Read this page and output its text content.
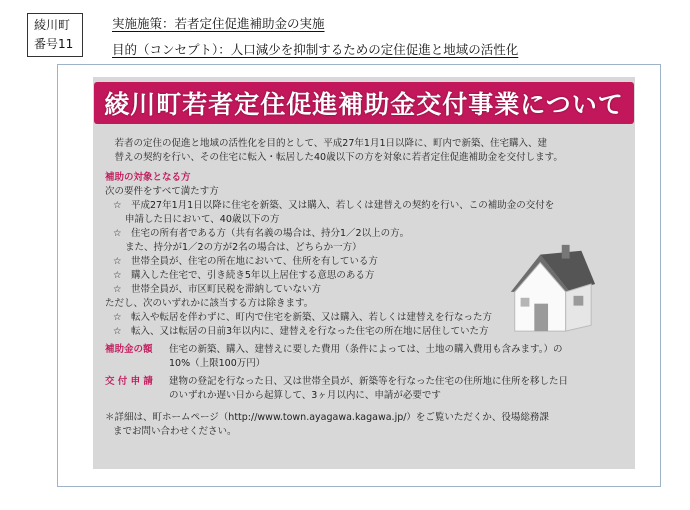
綾川町
番号11
実施施策：若者定住促進補助金の実施
目的（コンセプト）：人口減少を抑制するための定住促進と地域の活性化
綾川町若者定住促進補助金交付事業について
若者の定住の促進と地域の活性化を目的として、平成27年1月1日以降に、町内で新築、住宅購入、建
替えの契約を行い、その住宅に転入・転居した40歳以下の方を対象に若者定住促進補助金を交付します。
補助の対象となる方
次の要件をすべて満たす方
☆　平成27年1月1日以降に住宅を新築、又は購入、若しくは建替えの契約を行い、この補助金の交付を
申請した日において、40歳以下の方
☆　住宅の所有者である方（共有名義の場合は、持分1／2以上の方。
また、持分が1／2の方が2名の場合は、どちらか一方）
☆　世帯全員が、住宅の所在地において、住所を有している方
☆　購入した住宅で、引き続き5年以上居住する意思のある方
☆　世帯全員が、市区町民税を滞納していない方
ただし、次のいずれかに該当する方は除きます。
☆　転入や転居を伴わずに、町内で住宅を新築、又は購入、若しくは建替えを行なった方
☆　転入、又は転居の日前3年以内に、建替えを行なった住宅の所在地に居住していた方
補助金の額	住宅の新築、購入、建替えに要した費用（条件によっては、土地の購入費用も含みます。）の
10%（上限100万円）
交 付 申 請	建物の登記を行なった日、又は世帯全員が、新築等を行なった住宅の住所地に住所を移した日
のいずれか遅い日から起算して、3ヶ月以内に、申請が必要です
＊詳細は、町ホームページ（http://www.town.ayagawa.kagawa.jp/）をご覧いただくか、役場総務課
までお問い合わせください。
